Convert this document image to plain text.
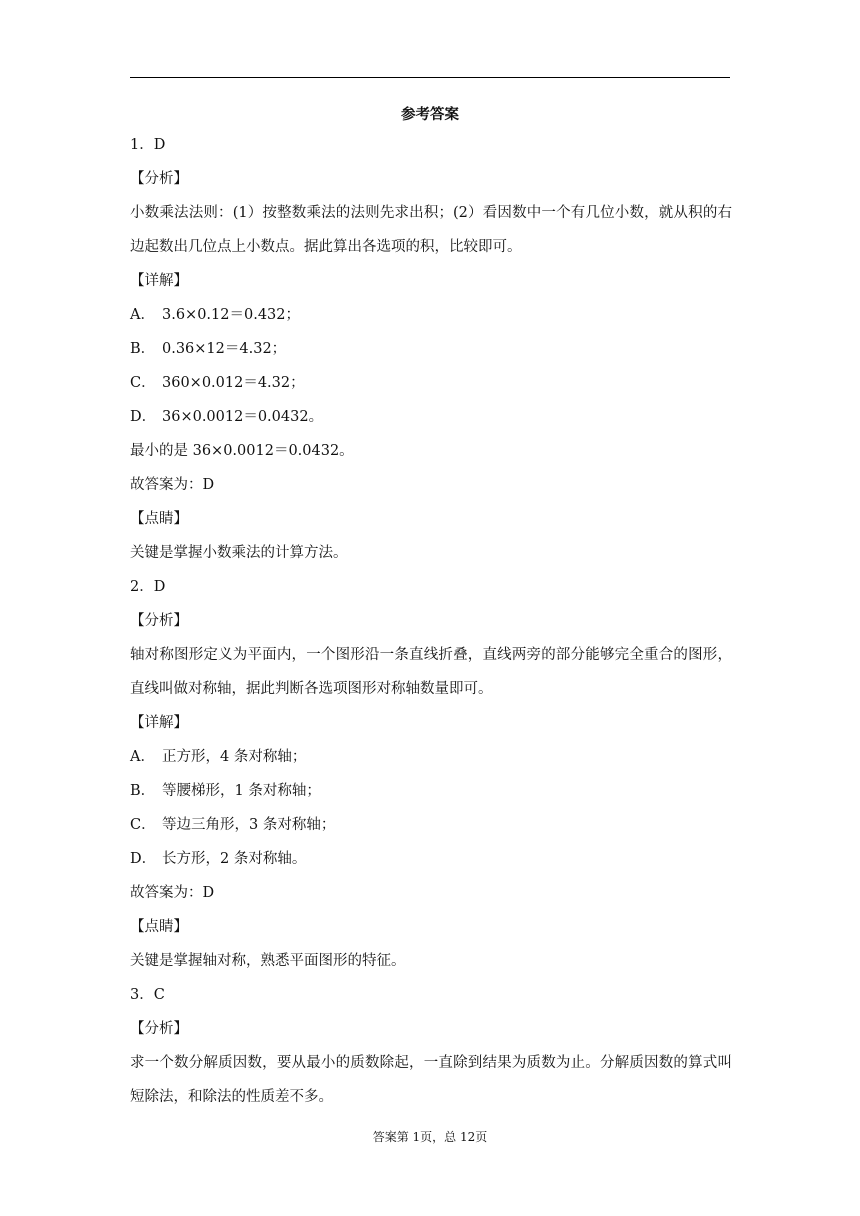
参考答案
1．D
【分析】
小数乘法法则：(1）按整数乘法的法则先求出积；(2）看因数中一个有几位小数，就从积的右边起数出几位点上小数点。据此算出各选项的积，比较即可。
【详解】
A． 3.6×0.12＝0.432；
B． 0.36×12＝4.32；
C． 360×0.012＝4.32；
D． 36×0.0012＝0.0432。
最小的是 36×0.0012＝0.0432。
故答案为：D
【点睛】
关键是掌握小数乘法的计算方法。
2．D
【分析】
轴对称图形定义为平面内，一个图形沿一条直线折叠，直线两旁的部分能够完全重合的图形，直线叫做对称轴，据此判断各选项图形对称轴数量即可。
【详解】
A． 正方形，4 条对称轴；
B． 等腰梯形，1 条对称轴；
C． 等边三角形，3 条对称轴；
D． 长方形，2 条对称轴。
故答案为：D
【点睛】
关键是掌握轴对称，熟悉平面图形的特征。
3．C
【分析】
求一个数分解质因数，要从最小的质数除起，一直除到结果为质数为止。分解质因数的算式叫短除法，和除法的性质差不多。
答案第 1页，总 12页
